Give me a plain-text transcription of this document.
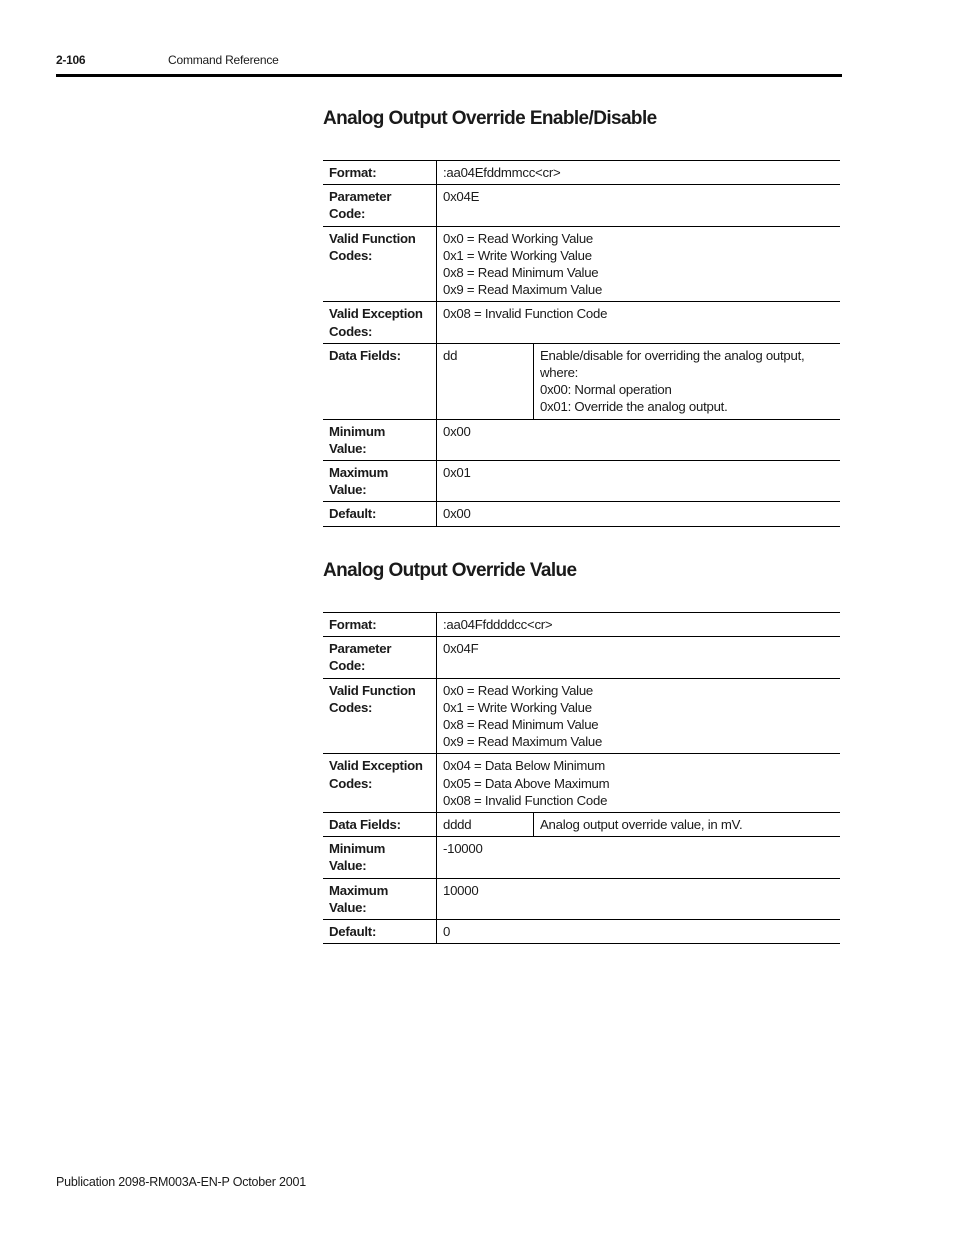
2-106	Command Reference
Analog Output Override Enable/Disable
Format:	:aa04Efddmmcc<cr>	

Parameter
Code:	0x04E	

Valid Function
Codes:	0x0 = Read Working Value
0x1 = Write Working Value
0x8 = Read Minimum Value
0x9 = Read Maximum Value	

Valid Exception
Codes:	0x08 = Invalid Function Code	

Data Fields:	dd	Enable/disable for overriding the analog output,
where:
0x00: Normal operation
0x01: Override the analog output.

Minimum
Value:	0x00	

Maximum
Value:	0x01	
Default:	0x00	
Analog Output Override Value
Format:	:aa04Ffddddcc<cr>	

Parameter
Code:	0x04F	

Valid Function
Codes:	0x0 = Read Working Value
0x1 = Write Working Value
0x8 = Read Minimum Value
0x9 = Read Maximum Value	

Valid Exception
Codes:	0x04 = Data Below Minimum
0x05 = Data Above Maximum
0x08 = Invalid Function Code	

Data Fields:	dddd	Analog output override value, in mV.

Minimum
Value:	-10000	

Maximum
Value:	10000	
Default:	0	
Publication 2098-RM003A-EN-P October 2001
